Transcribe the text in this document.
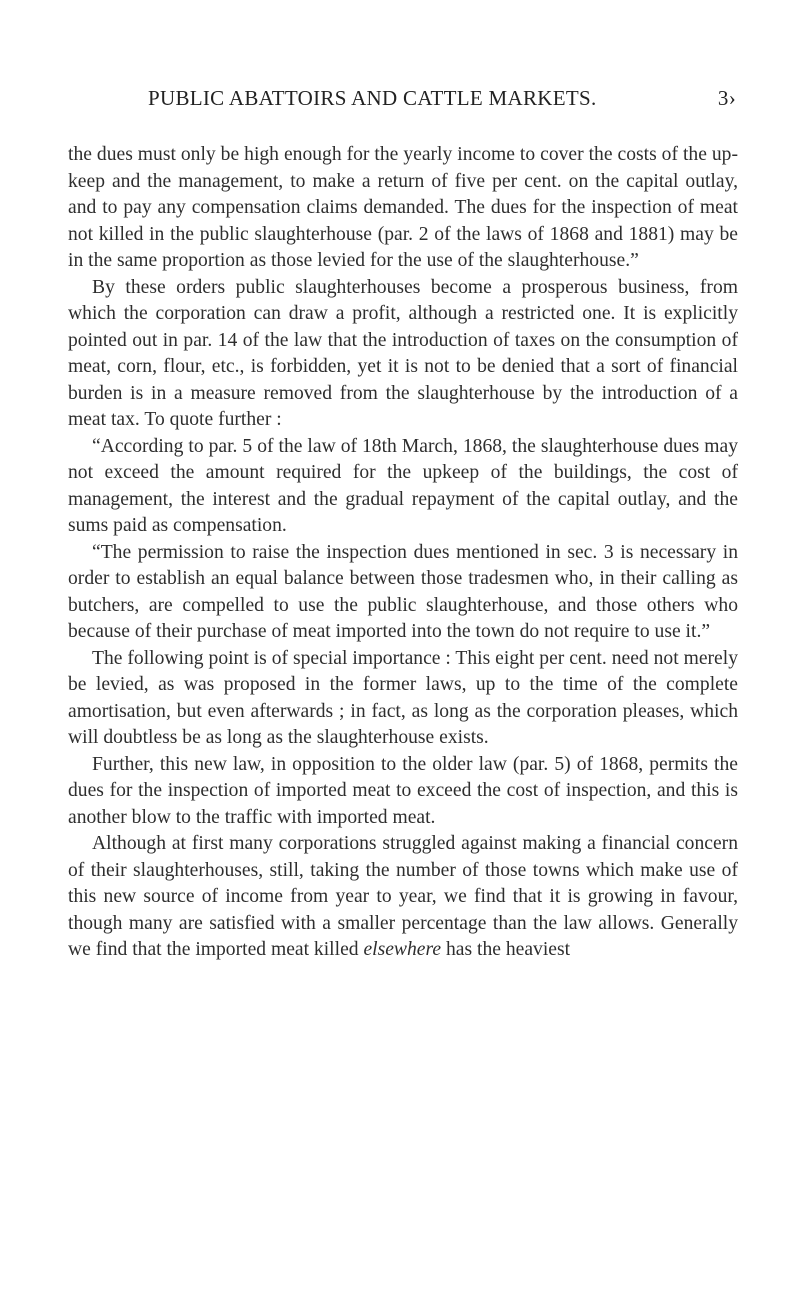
PUBLIC ABATTOIRS AND CATTLE MARKETS.	3›

the dues must only be high enough for the yearly income to cover the costs of the up-keep and the management, to make a return of five per cent. on the capital outlay, and to pay any compensation claims demanded. The dues for the inspection of meat not killed in the public slaughterhouse (par. 2 of the laws of 1868 and 1881) may be in the same proportion as those levied for the use of the slaughterhouse.”

By these orders public slaughterhouses become a prosperous business, from which the corporation can draw a profit, although a restricted one. It is explicitly pointed out in par. 14 of the law that the introduction of taxes on the consumption of meat, corn, flour, etc., is forbidden, yet it is not to be denied that a sort of financial burden is in a measure removed from the slaughterhouse by the introduction of a meat tax. To quote further :

“According to par. 5 of the law of 18th March, 1868, the slaughterhouse dues may not exceed the amount required for the upkeep of the buildings, the cost of management, the interest and the gradual repayment of the capital outlay, and the sums paid as compensation.

“The permission to raise the inspection dues mentioned in sec. 3 is necessary in order to establish an equal balance between those tradesmen who, in their calling as butchers, are compelled to use the public slaughterhouse, and those others who because of their purchase of meat imported into the town do not require to use it.”

The following point is of special importance : This eight per cent. need not merely be levied, as was proposed in the former laws, up to the time of the complete amortisation, but even afterwards ; in fact, as long as the corporation pleases, which will doubtless be as long as the slaughterhouse exists.

Further, this new law, in opposition to the older law (par. 5) of 1868, permits the dues for the inspection of imported meat to exceed the cost of inspection, and this is another blow to the traffic with imported meat.

Although at first many corporations struggled against making a financial concern of their slaughterhouses, still, taking the number of those towns which make use of this new source of income from year to year, we find that it is growing in favour, though many are satisfied with a smaller percentage than the law allows. Generally we find that the imported meat killed elsewhere has the heaviest
